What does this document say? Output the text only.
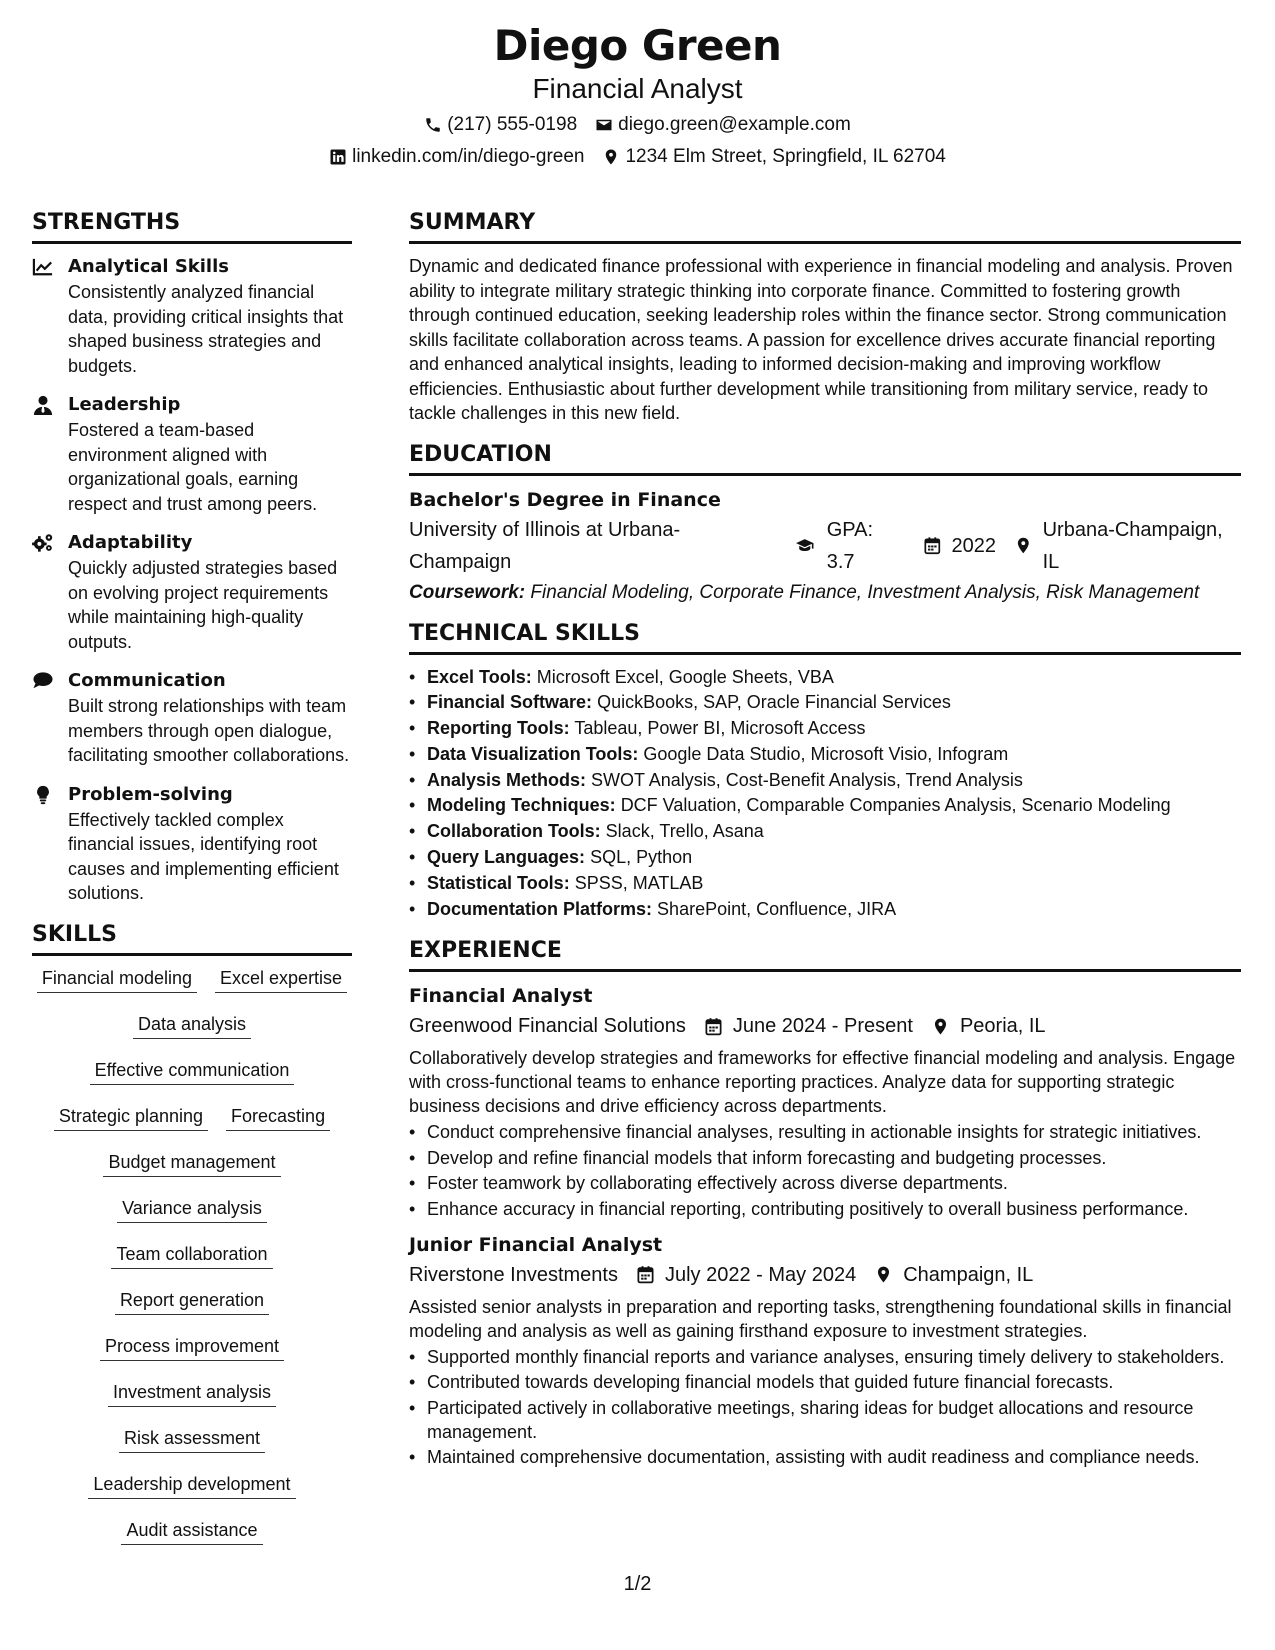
Diego Green
Financial Analyst
(217) 555-0198 diego.green@example.com
linkedin.com/in/diego-green 1234 Elm Street, Springfield, IL 62704
STRENGTHS
Analytical Skills
Consistently analyzed financial data, providing critical insights that shaped business strategies and budgets.
Leadership
Fostered a team-based environment aligned with organizational goals, earning respect and trust among peers.
Adaptability
Quickly adjusted strategies based on evolving project requirements while maintaining high-quality outputs.
Communication
Built strong relationships with team members through open dialogue, facilitating smoother collaborations.
Problem-solving
Effectively tackled complex financial issues, identifying root causes and implementing efficient solutions.
SKILLS
Financial modeling Excel expertise
Data analysis
Effective communication
Strategic planning Forecasting
Budget management
Variance analysis
Team collaboration
Report generation
Process improvement
Investment analysis
Risk assessment
Leadership development
Audit assistance
SUMMARY
Dynamic and dedicated finance professional with experience in financial modeling and analysis. Proven ability to integrate military strategic thinking into corporate finance. Committed to fostering growth through continued education, seeking leadership roles within the finance sector. Strong communication skills facilitate collaboration across teams. A passion for excellence drives accurate financial reporting and enhanced analytical insights, leading to informed decision-making and improving workflow efficiencies. Enthusiastic about further development while transitioning from military service, ready to tackle challenges in this new field.
EDUCATION
Bachelor's Degree in Finance
University of Illinois at Urbana-Champaign
GPA: 3.7
2022
Urbana-Champaign, IL
Coursework: Financial Modeling, Corporate Finance, Investment Analysis, Risk Management
TECHNICAL SKILLS
• Excel Tools: Microsoft Excel, Google Sheets, VBA
• Financial Software: QuickBooks, SAP, Oracle Financial Services
• Reporting Tools: Tableau, Power BI, Microsoft Access
• Data Visualization Tools: Google Data Studio, Microsoft Visio, Infogram
• Analysis Methods: SWOT Analysis, Cost-Benefit Analysis, Trend Analysis
• Modeling Techniques: DCF Valuation, Comparable Companies Analysis, Scenario Modeling
• Collaboration Tools: Slack, Trello, Asana
• Query Languages: SQL, Python
• Statistical Tools: SPSS, MATLAB
• Documentation Platforms: SharePoint, Confluence, JIRA
EXPERIENCE
Financial Analyst
Greenwood Financial Solutions June 2024 - Present Peoria, IL
Collaboratively develop strategies and frameworks for effective financial modeling and analysis. Engage with cross-functional teams to enhance reporting practices. Analyze data for supporting strategic business decisions and drive efficiency across departments.
• Conduct comprehensive financial analyses, resulting in actionable insights for strategic initiatives.
• Develop and refine financial models that inform forecasting and budgeting processes.
• Foster teamwork by collaborating effectively across diverse departments.
• Enhance accuracy in financial reporting, contributing positively to overall business performance.
Junior Financial Analyst
Riverstone Investments July 2022 - May 2024 Champaign, IL
Assisted senior analysts in preparation and reporting tasks, strengthening foundational skills in financial modeling and analysis as well as gaining firsthand exposure to investment strategies.
• Supported monthly financial reports and variance analyses, ensuring timely delivery to stakeholders.
• Contributed towards developing financial models that guided future financial forecasts.
• Participated actively in collaborative meetings, sharing ideas for budget allocations and resource management.
• Maintained comprehensive documentation, assisting with audit readiness and compliance needs.
1/2
